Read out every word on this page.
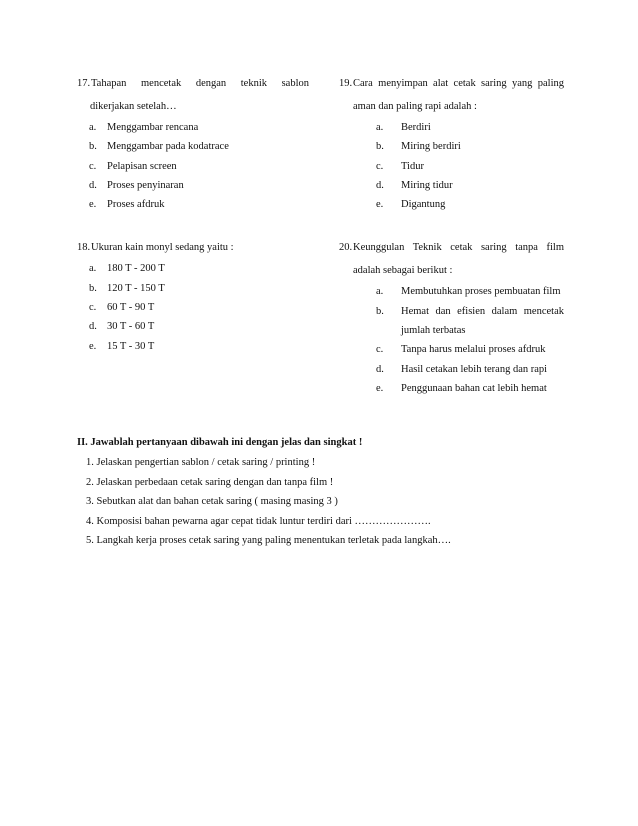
17. Tahapan mencetak dengan teknik sablon
dikerjakan setelah…
a. Menggambar rencana
b. Menggambar pada kodatrace
c. Pelapisan screen
d. Proses penyinaran
e. Proses afdruk
18. Ukuran kain monyl sedang yaitu :
a. 180 T - 200 T
b. 120 T - 150 T
c. 60 T - 90 T
d. 30 T - 60 T
e. 15 T - 30 T
19. Cara menyimpan alat cetak saring yang paling
aman dan paling rapi adalah :
a. Berdiri
b. Miring berdiri
c. Tidur
d. Miring tidur
e. Digantung
20. Keunggulan Teknik cetak saring tanpa film
adalah sebagai berikut :
a. Membutuhkan proses pembuatan film
b. Hemat dan efisien dalam mencetak
jumlah terbatas
c. Tanpa harus melalui proses afdruk
d. Hasil cetakan lebih terang dan rapi
e. Penggunaan bahan cat lebih hemat
II. Jawablah pertanyaan dibawah ini dengan jelas dan singkat !
1. Jelaskan pengertian sablon / cetak saring / printing !
2. Jelaskan perbedaan cetak saring dengan dan tanpa film !
3. Sebutkan alat dan bahan cetak saring ( masing masing 3 )
4. Komposisi bahan pewarna agar cepat tidak luntur terdiri dari ………………….
5. Langkah kerja proses cetak saring yang paling menentukan terletak pada langkah….
